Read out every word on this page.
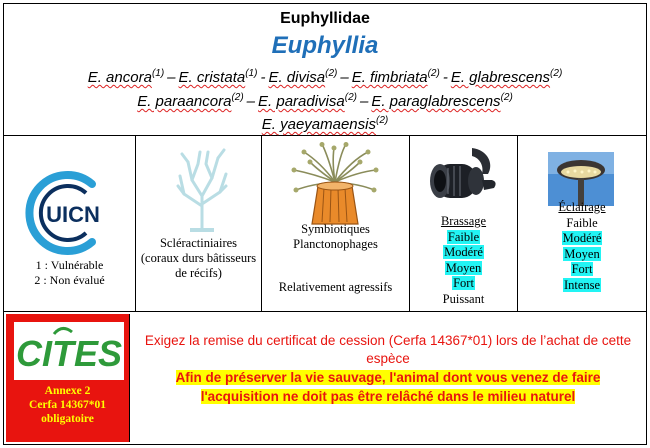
Euphyllidae
Euphyllia
E. ancora$^{(1)}$ – E. cristata$^{(1)}$ - E. divisa$^{(2)}$ – E. fimbriata$^{(2)}$ - E. glabrescens$^{(2)}$
E. paraancora$^{(2)}$ – E. paradivisa$^{(2)}$ – E. paraglabrescens$^{(2)}$
E. yaeyamaensis$^{(2)}$
UICN
1 : Vulnérable
2 : Non évalué
Scléractiniaires (coraux durs bâtisseurs de récifs)
Symbiotiques Planctonophages
Relativement agressifs
Brassage
Faible
Modéré
Moyen
Fort
Puissant
Éclairage
Faible
Modéré
Moyen
Fort
Intense
CITES
Annexe 2
Cerfa 14367*01
obligatoire
Exigez la remise du certificat de cession (Cerfa 14367*01) lors de l’achat de cette espèce
Afin de préserver la vie sauvage, l'animal dont vous venez de faire
l'acquisition ne doit pas être relâché dans le milieu naturel
